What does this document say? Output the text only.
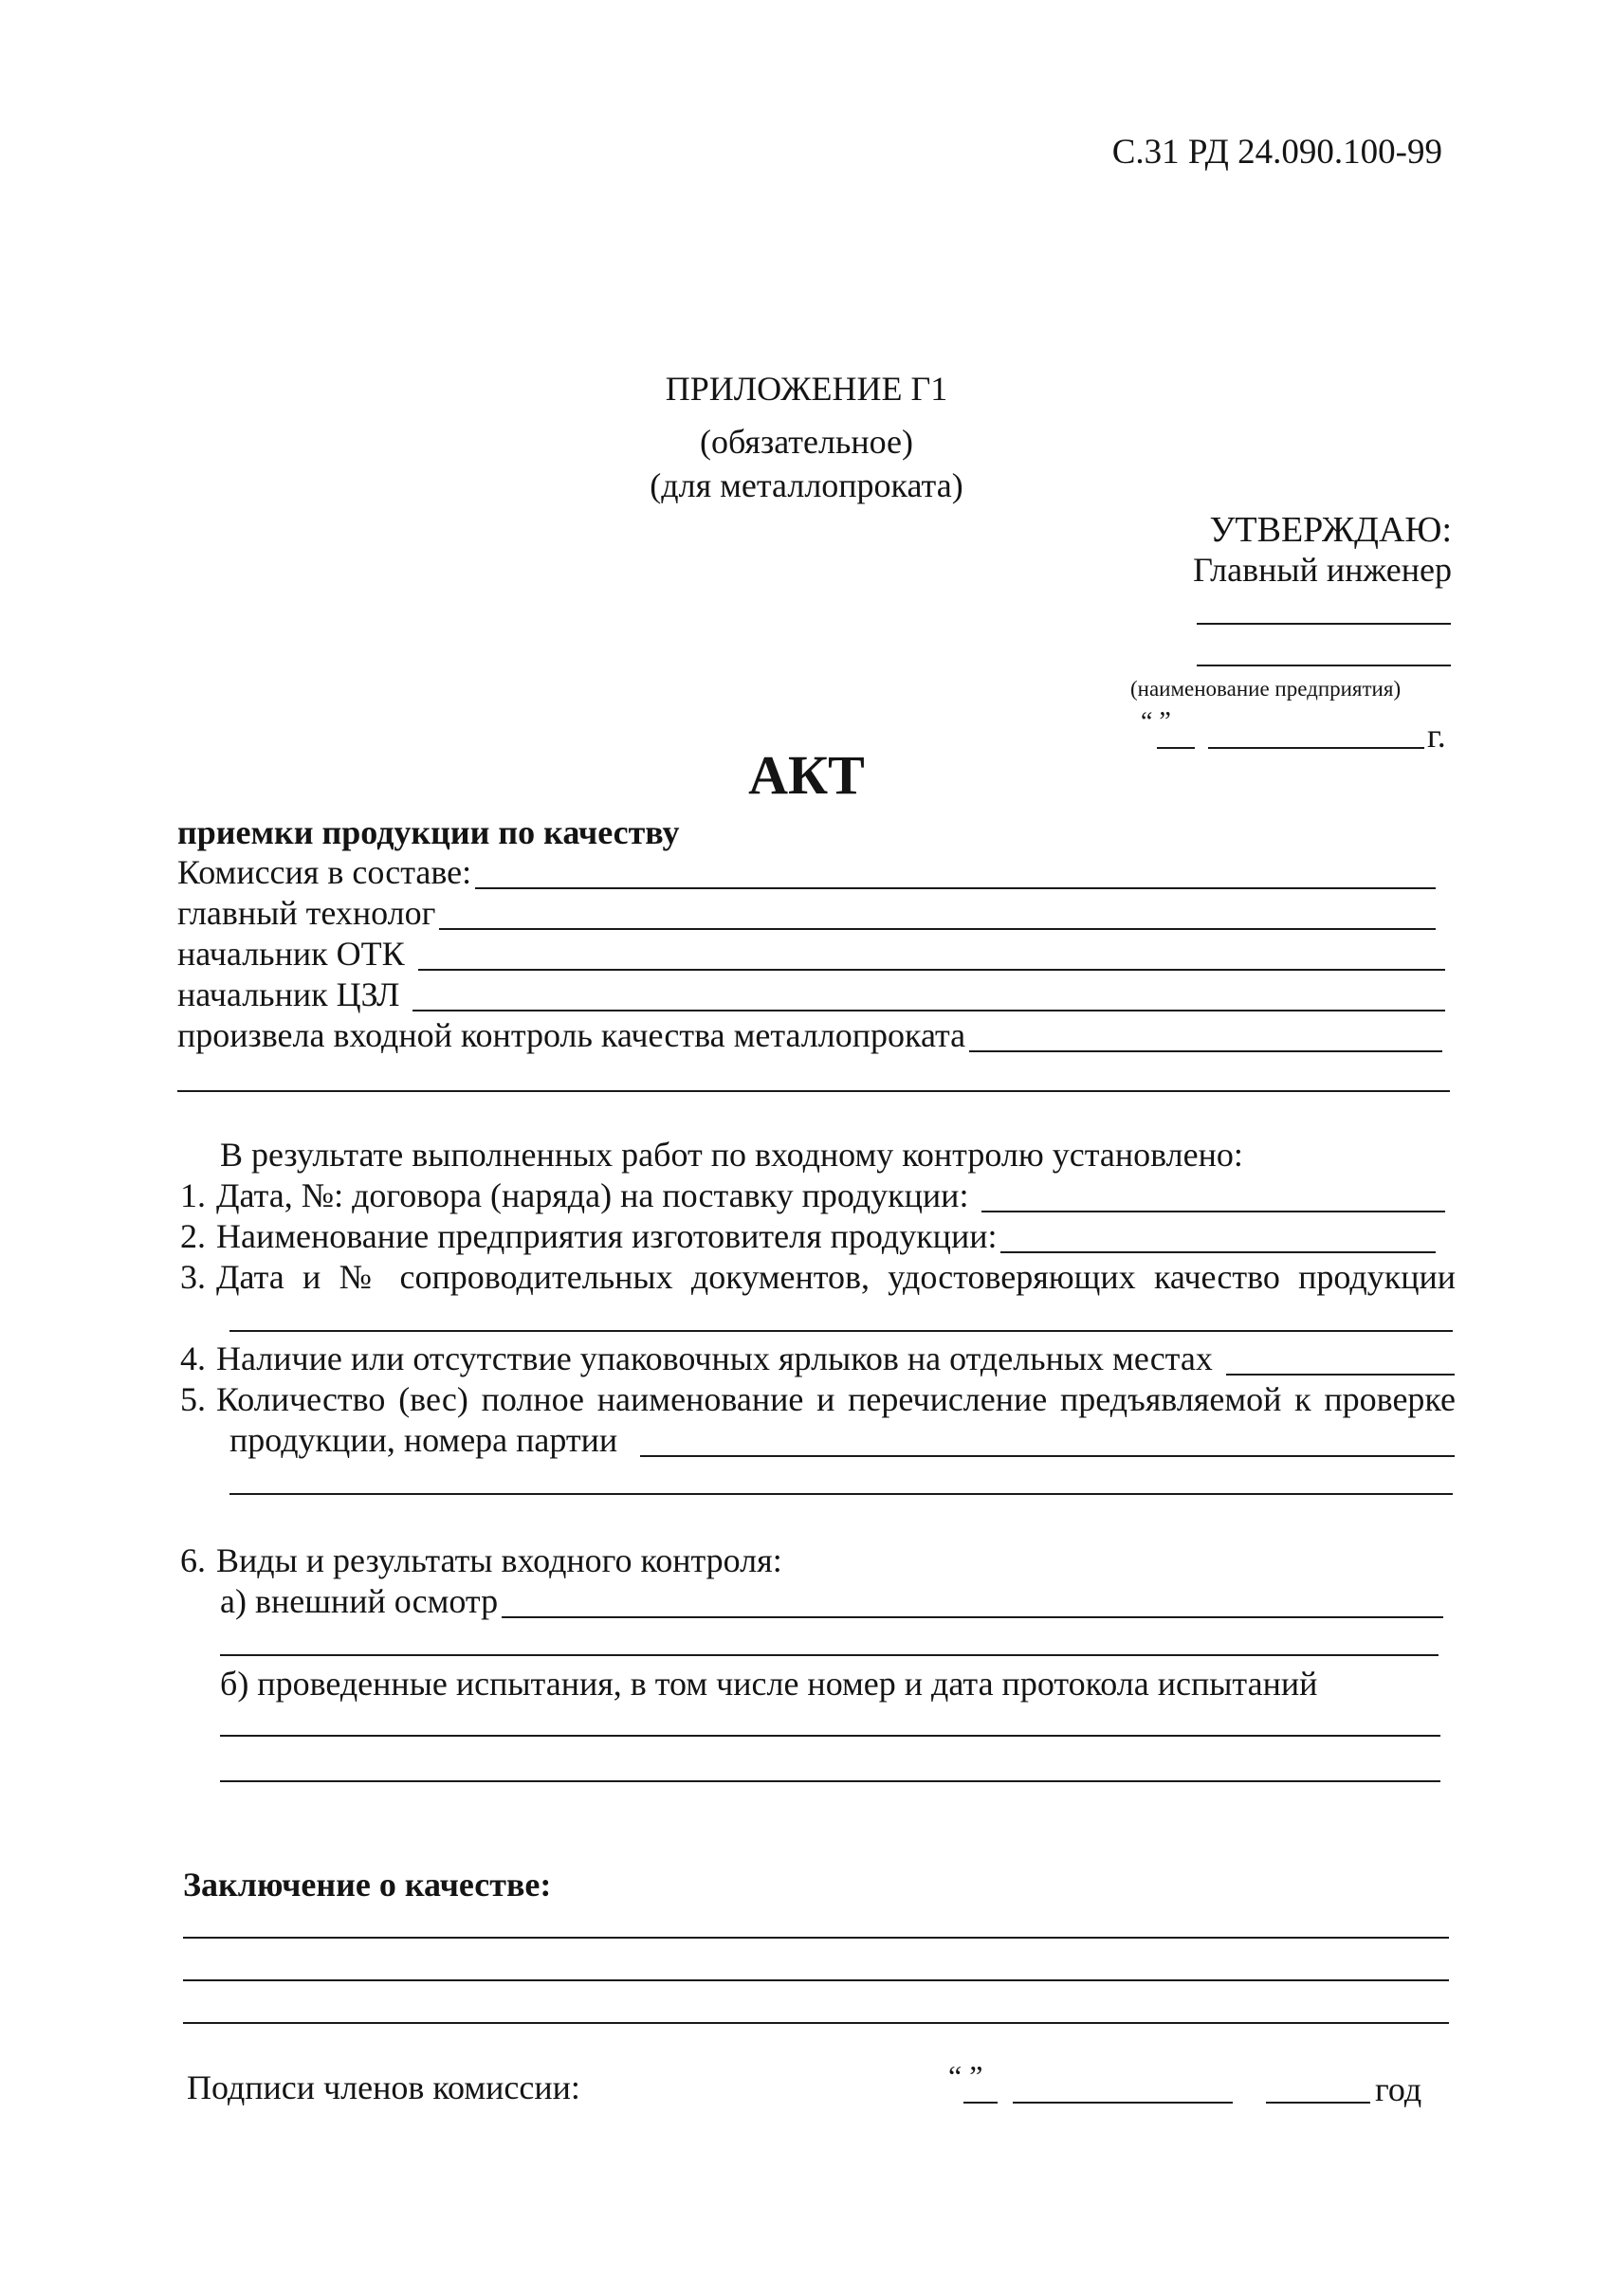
С.31 РД 24.090.100-99
ПРИЛОЖЕНИЕ Г1
(обязательное)
(для металлопроката)
УТВЕРЖДАЮ:
Главный инженер
(наименование предприятия)
“ ”	г.
АКТ
приемки продукции по качеству
Комиссия в составе:
главный технолог
начальник ОТК
начальник ЦЗЛ
произвела входной контроль качества металлопроката
В результате выполненных работ по входному контролю установлено:
1. Дата, №: договора (наряда) на поставку продукции:
2. Наименование предприятия изготовителя продукции:
3. Дата и № сопроводительных документов, удостоверяющих качество продукции
4. Наличие или отсутствие упаковочных ярлыков на отдельных местах
5. Количество (вес) полное наименование и перечисление предъявляемой к проверке
продукции, номера партии
6. Виды и результаты входного контроля:
а) внешний осмотр
б) проведенные испытания, в том числе номер и дата протокола испытаний
Заключение о качестве:
Подписи членов комиссии:	“ ”	год
